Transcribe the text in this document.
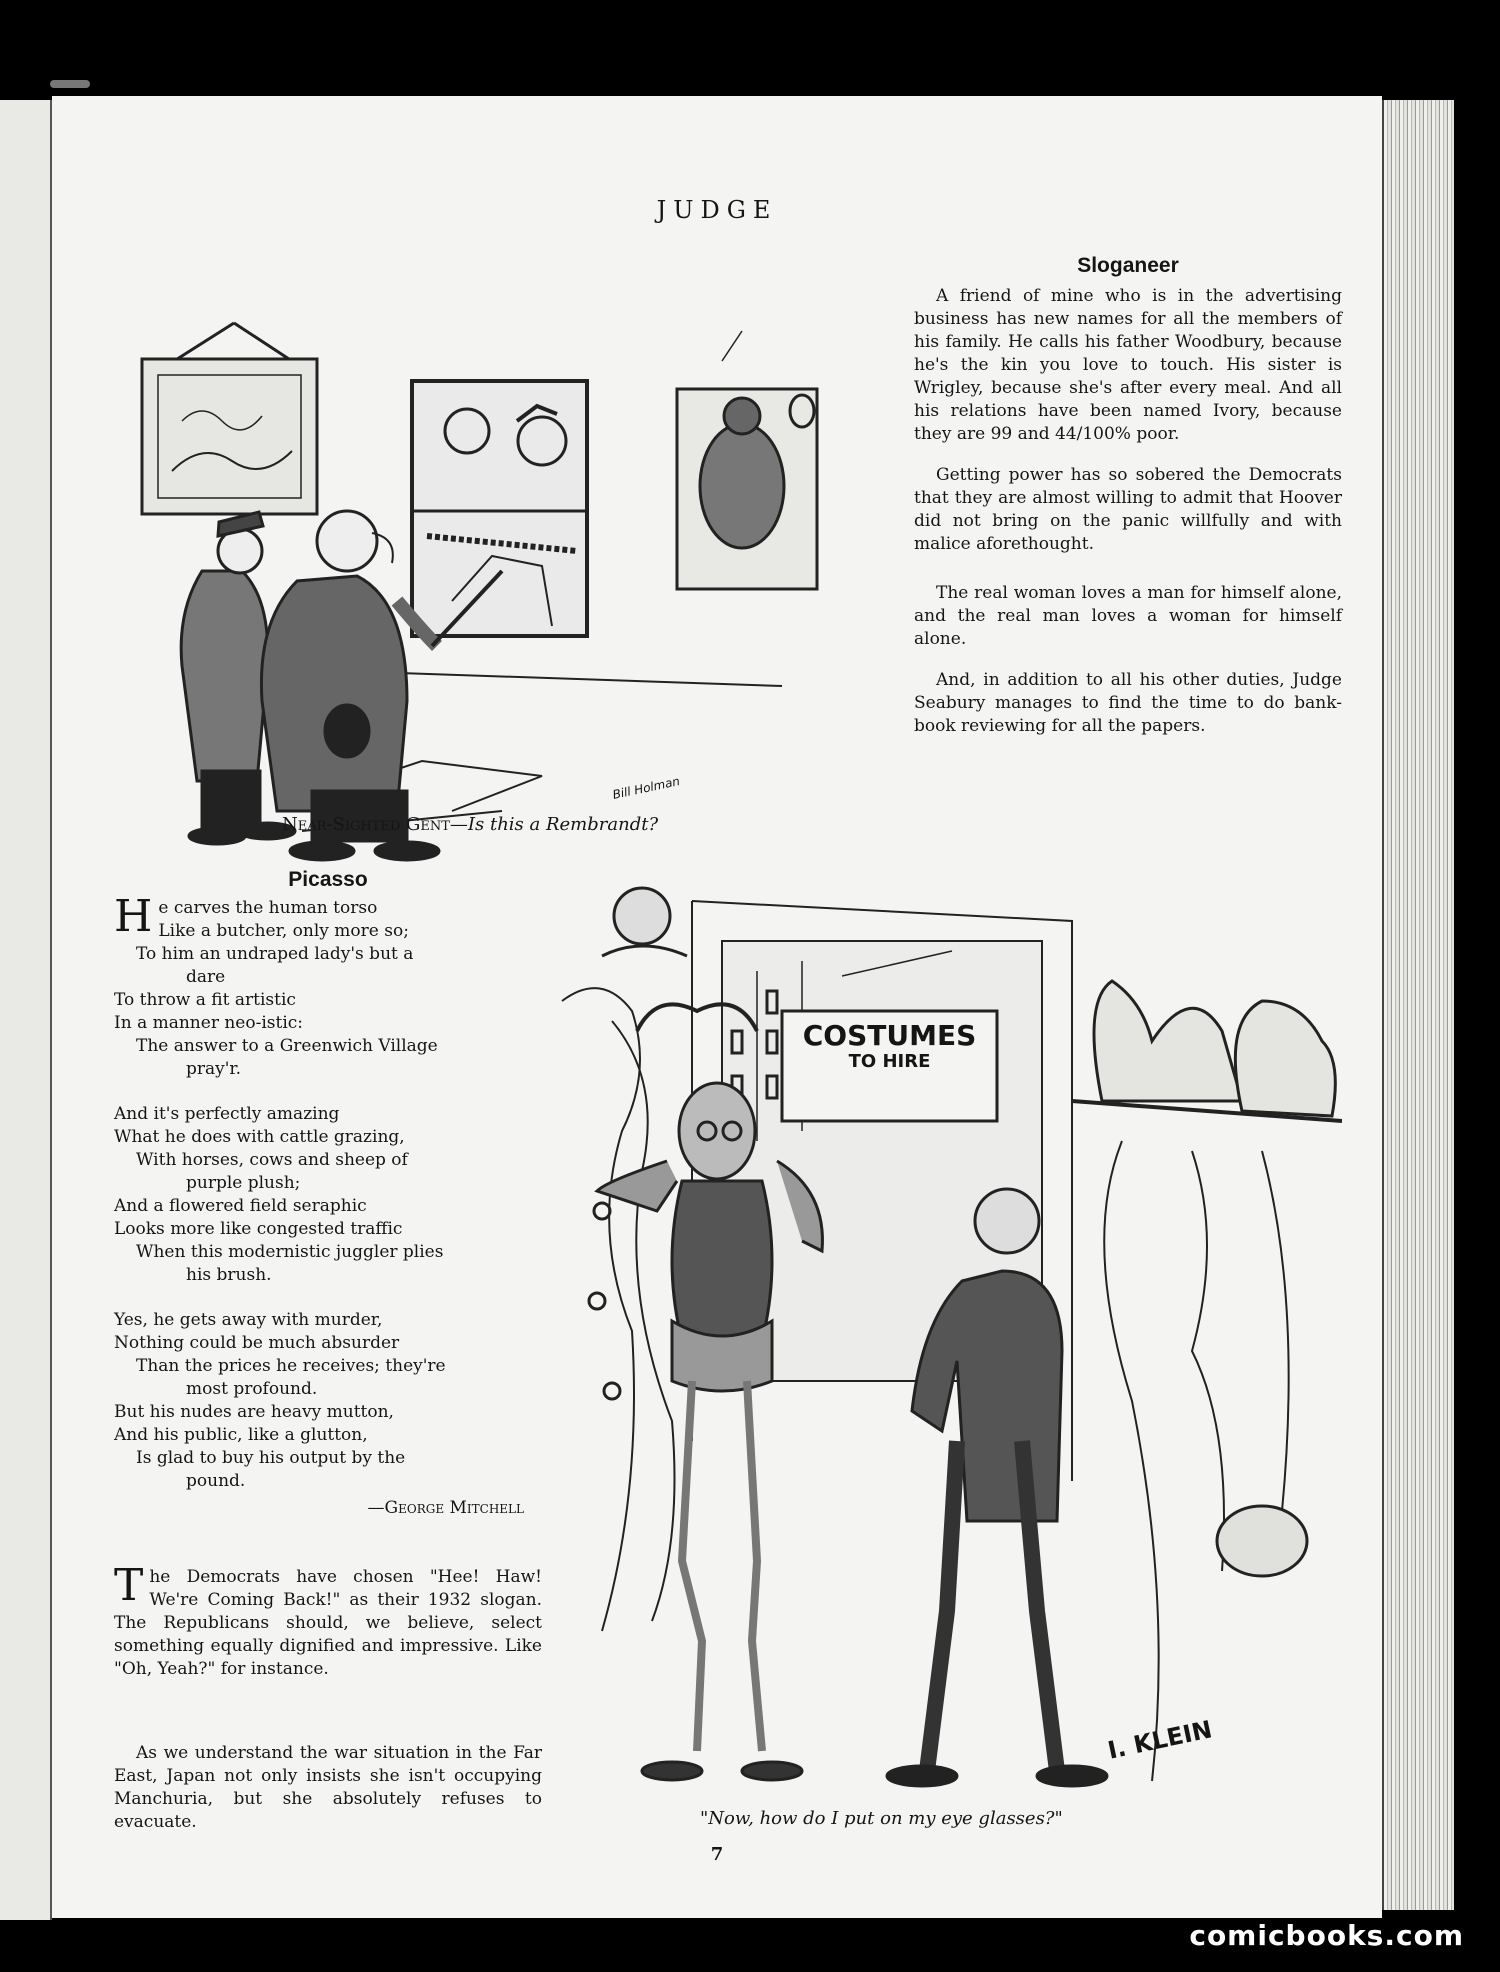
JUDGE
Bill Holman
Near-Sighted Gent—Is this a Rembrandt?
Sloganeer

A friend of mine who is in the advertising business has new names for all the members of his family. He calls his father Woodbury, because he's the kin you love to touch. His sister is Wrigley, because she's after every meal. And all his relations have been named Ivory, because they are 99 and 44/100% poor.

Getting power has so sobered the Democrats that they are almost willing to admit that Hoover did not bring on the panic willfully and with malice aforethought.

The real woman loves a man for himself alone, and the real man loves a woman for himself alone.

And, in addition to all his other duties, Judge Seabury manages to find the time to do bank-book reviewing for all the papers.

Picasso
H e carves the human torso
Like a butcher, only more so;
To him an undraped lady's but a
dare
To throw a fit artistic
In a manner neo-istic:
The answer to a Greenwich Village
pray'r.
And it's perfectly amazing
What he does with cattle grazing,
With horses, cows and sheep of
purple plush;
And a flowered field seraphic
Looks more like congested traffic
When this modernistic juggler plies
his brush.
Yes, he gets away with murder,
Nothing could be much absurder
Than the prices he receives; they're
most profound.
But his nudes are heavy mutton,
And his public, like a glutton,
Is glad to buy his output by the
pound.
—George Mitchell
The Democrats have chosen "Hee! Haw! We're Coming Back!" as their 1932 slogan. The Republicans should, we believe, select something equally dignified and impressive. Like "Oh, Yeah?" for instance.

As we understand the war situation in the Far East, Japan not only insists she isn't occupying Manchuria, but she absolutely refuses to evacuate.

COSTUMES
TO HIRE
I. KLEIN
"Now, how do I put on my eye glasses?"
7
comicbooks.com
